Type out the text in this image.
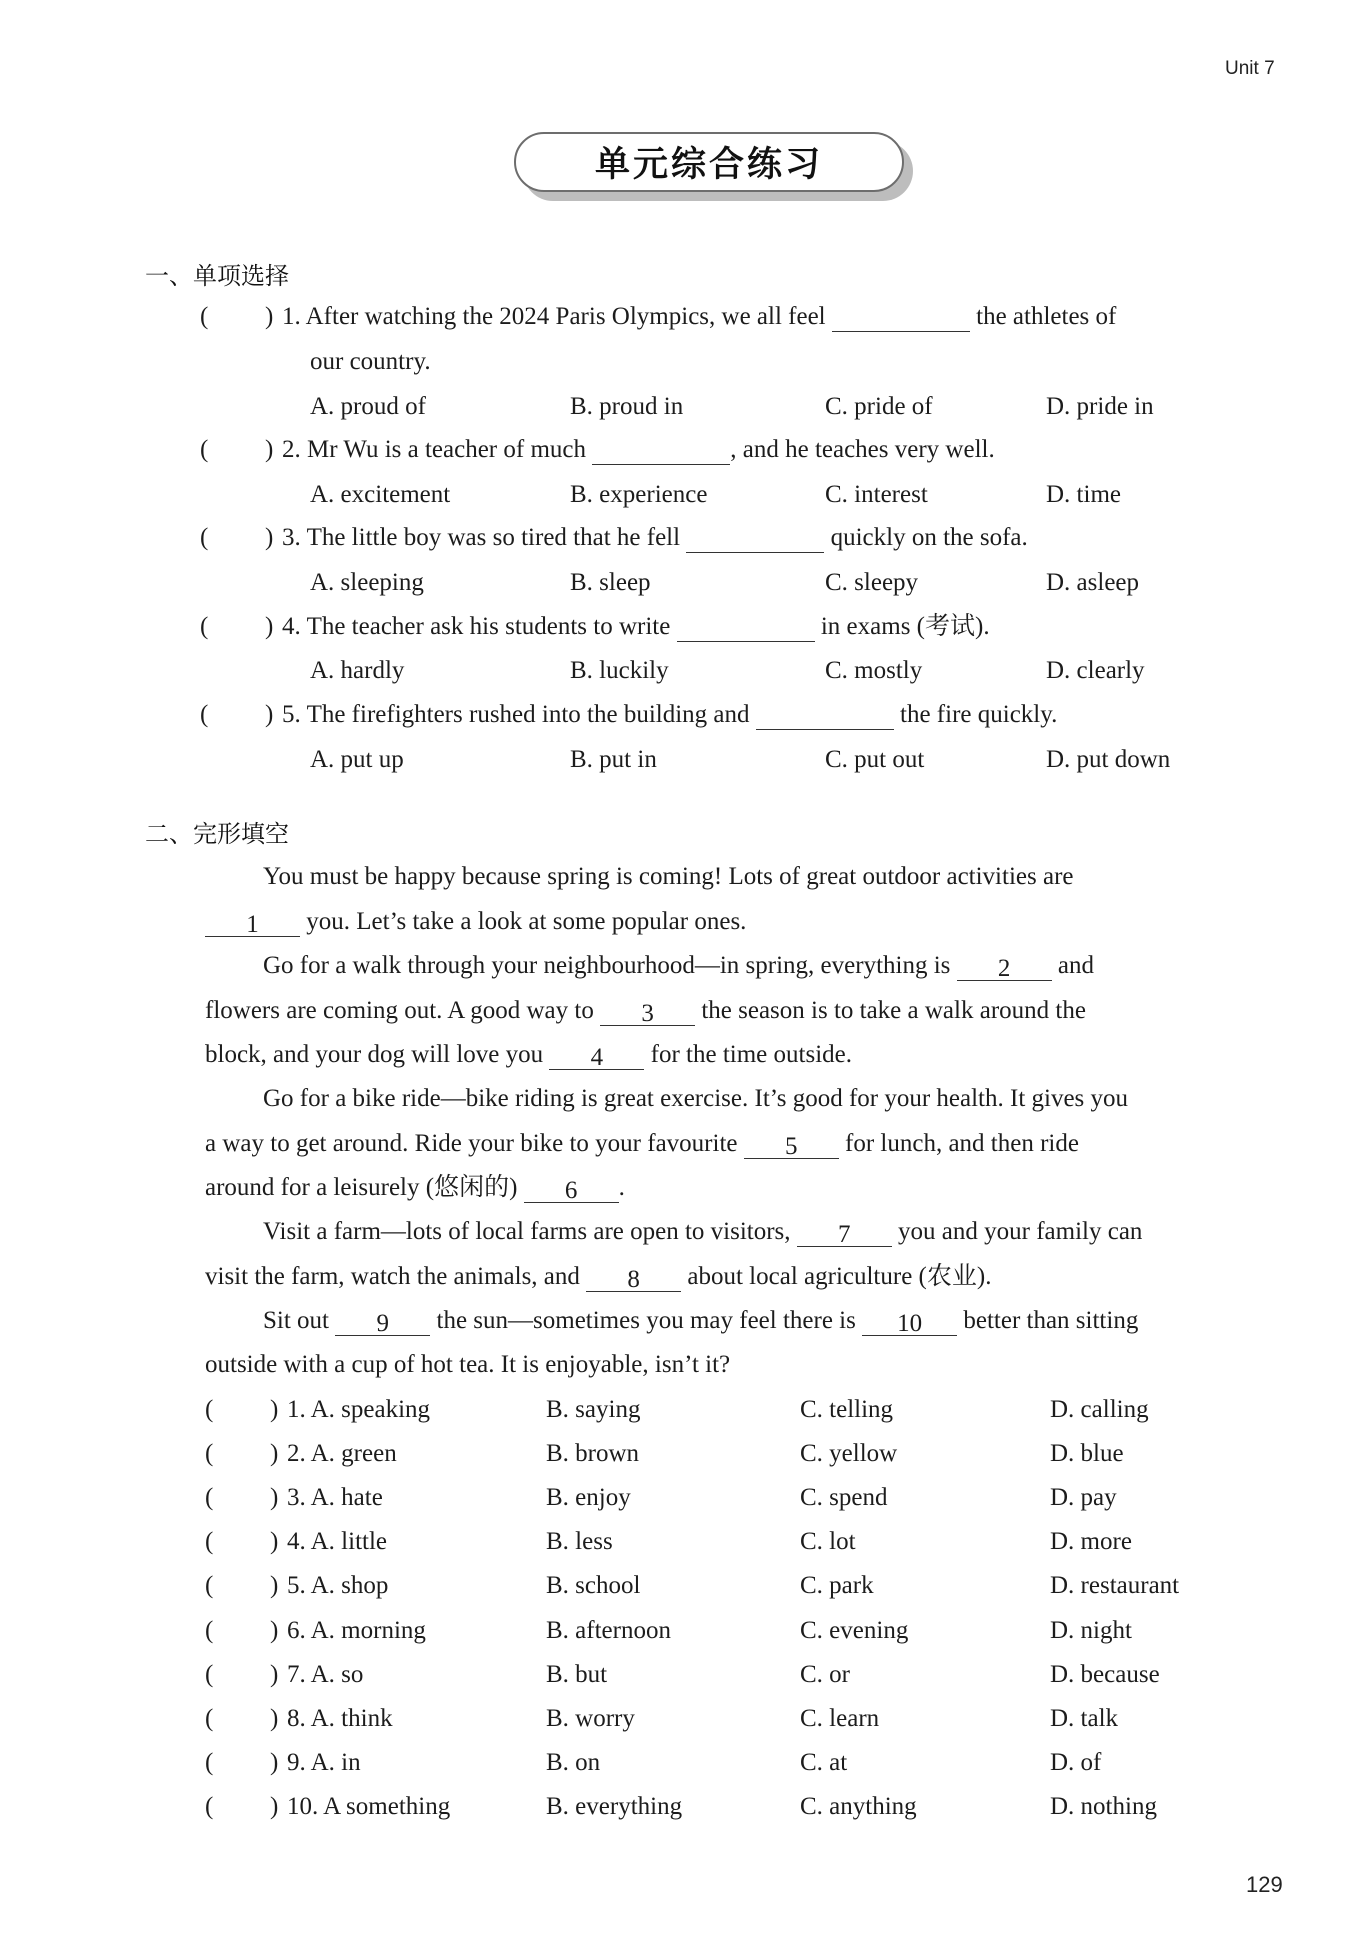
Unit 7
单元综合练习
一、单项选择
( ) 1. After watching the 2024 Paris Olympics, we all feel	the athletes of
our country.
A. proud of	B. proud in	C. pride of	D. pride in
( ) 2. Mr Wu is a teacher of much	, and he teaches very well.
A. excitement	B. experience	C. interest	D. time
( ) 3. The little boy was so tired that he fell	quickly on the sofa.
A. sleeping	B. sleep	C. sleepy	D. asleep
( ) 4. The teacher ask his students to write	in exams (考试).
A. hardly	B. luckily	C. mostly	D. clearly
( ) 5. The firefighters rushed into the building and	the fire quickly.
A. put up	B. put in	C. put out	D. put down
二、完形填空
You must be happy because spring is coming! Lots of great outdoor activities are
1 you. Let’s take a look at some popular ones.
Go for a walk through your neighbourhood—in spring, everything is 2 and
flowers are coming out. A good way to 3 the season is to take a walk around the
block, and your dog will love you 4 for the time outside.
Go for a bike ride—bike riding is great exercise. It’s good for your health. It gives you
a way to get around. Ride your bike to your favourite 5 for lunch, and then ride
around for a leisurely (悠闲的) 6 .
Visit a farm—lots of local farms are open to visitors, 7 you and your family can
visit the farm, watch the animals, and 8 about local agriculture (农业).
Sit out 9 the sun—sometimes you may feel there is 10 better than sitting
outside with a cup of hot tea. It is enjoyable, isn’t it?
( ) 1. A. speaking	B. saying	C. telling	D. calling
( ) 2. A. green	B. brown	C. yellow	D. blue
( ) 3. A. hate	B. enjoy	C. spend	D. pay
( ) 4. A. little	B. less	C. lot	D. more
( ) 5. A. shop	B. school	C. park	D. restaurant
( ) 6. A. morning	B. afternoon	C. evening	D. night
( ) 7. A. so	B. but	C. or	D. because
( ) 8. A. think	B. worry	C. learn	D. talk
( ) 9. A. in	B. on	C. at	D. of
( ) 10. A something	B. everything	C. anything	D. nothing
129
